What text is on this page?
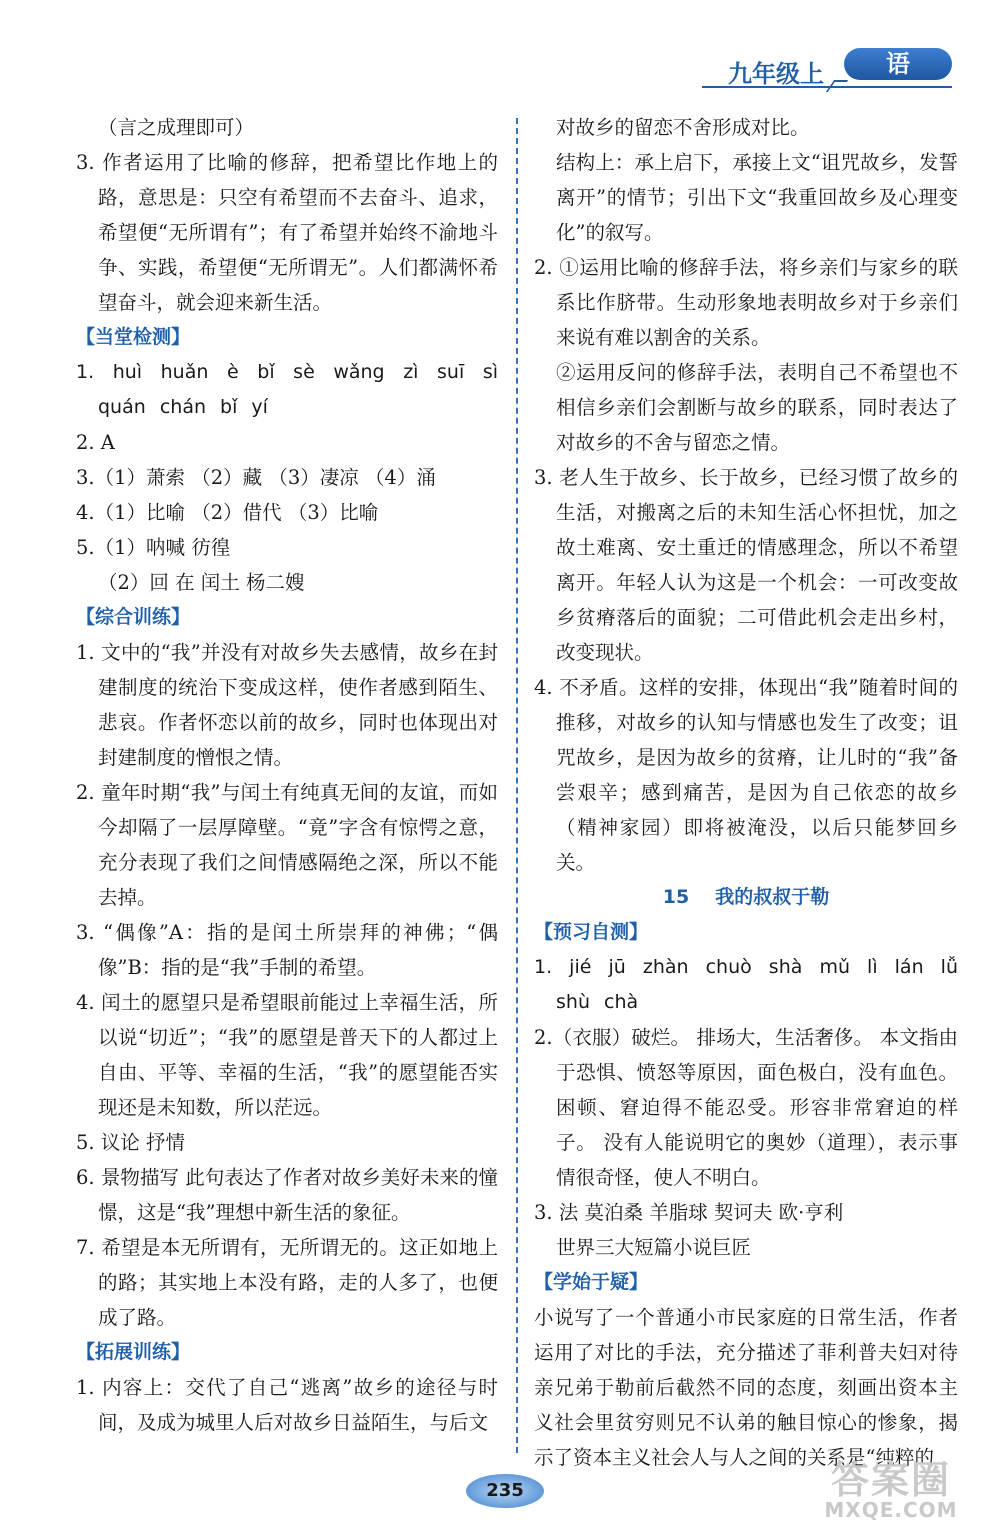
九年级上	语 文

（言之成理即可）

3. 作者运用了比喻的修辞，把希望比作地上的路，意思是：只空有希望而不去奋斗、追求，希望便“无所谓有”；有了希望并始终不渝地斗争、实践，希望便“无所谓无”。人们都满怀希望奋斗，就会迎来新生活。

【当堂检测】

1. huì huǎn è bǐ sè wǎng zì suī sì quán chán bǐ yí

2. A

3.（1）萧索 （2）藏 （3）凄凉 （4）涌

4.（1）比喻 （2）借代 （3）比喻

5.（1）呐喊 彷徨

（2）回 在 闰土 杨二嫂

【综合训练】

1. 文中的“我”并没有对故乡失去感情，故乡在封建制度的统治下变成这样，使作者感到陌生、悲哀。作者怀恋以前的故乡，同时也体现出对封建制度的憎恨之情。

2. 童年时期“我”与闰土有纯真无间的友谊，而如今却隔了一层厚障壁。“竟”字含有惊愕之意，充分表现了我们之间情感隔绝之深，所以不能去掉。

3. “偶像”A：指的是闰土所崇拜的神佛；“偶像”B：指的是“我”手制的希望。

4. 闰土的愿望只是希望眼前能过上幸福生活，所以说“切近”；“我”的愿望是普天下的人都过上自由、平等、幸福的生活，“我”的愿望能否实现还是未知数，所以茫远。

5. 议论 抒情

6. 景物描写 此句表达了作者对故乡美好未来的憧憬，这是“我”理想中新生活的象征。

7. 希望是本无所谓有，无所谓无的。这正如地上的路；其实地上本没有路，走的人多了，也便成了路。

【拓展训练】

1. 内容上：交代了自己“逃离”故乡的途径与时间，及成为城里人后对故乡日益陌生，与后文

对故乡的留恋不舍形成对比。

结构上：承上启下，承接上文“诅咒故乡，发誓离开”的情节；引出下文“我重回故乡及心理变化”的叙写。

2. ①运用比喻的修辞手法，将乡亲们与家乡的联系比作脐带。生动形象地表明故乡对于乡亲们来说有难以割舍的关系。

②运用反问的修辞手法，表明自己不希望也不相信乡亲们会割断与故乡的联系，同时表达了对故乡的不舍与留恋之情。

3. 老人生于故乡、长于故乡，已经习惯了故乡的生活，对搬离之后的未知生活心怀担忧，加之故土难离、安土重迁的情感理念，所以不希望离开。年轻人认为这是一个机会：一可改变故乡贫瘠落后的面貌；二可借此机会走出乡村，改变现状。

4. 不矛盾。这样的安排，体现出“我”随着时间的推移，对故乡的认知与情感也发生了改变；诅咒故乡，是因为故乡的贫瘠，让儿时的“我”备尝艰辛；感到痛苦，是因为自己依恋的故乡（精神家园）即将被淹没，以后只能梦回乡关。

15 我的叔叔于勒

【预习自测】

1. jié jū zhàn chuò shà mǔ lì lán lǚ shù chà

2.（衣服）破烂。 排场大，生活奢侈。 本文指由于恐惧、愤怒等原因，面色极白，没有血色。 困顿、窘迫得不能忍受。形容非常窘迫的样子。 没有人能说明它的奥妙（道理），表示事情很奇怪，使人不明白。

3. 法 莫泊桑 羊脂球 契诃夫 欧·亨利

世界三大短篇小说巨匠

【学始于疑】

小说写了一个普通小市民家庭的日常生活，作者运用了对比的手法，充分描述了菲利普夫妇对待亲兄弟于勒前后截然不同的态度，刻画出资本主义社会里贫穷则兄不认弟的触目惊心的惨象，揭示了资本主义社会人与人之间的关系是“纯粹的

235	答案圈
MXQE.COM
